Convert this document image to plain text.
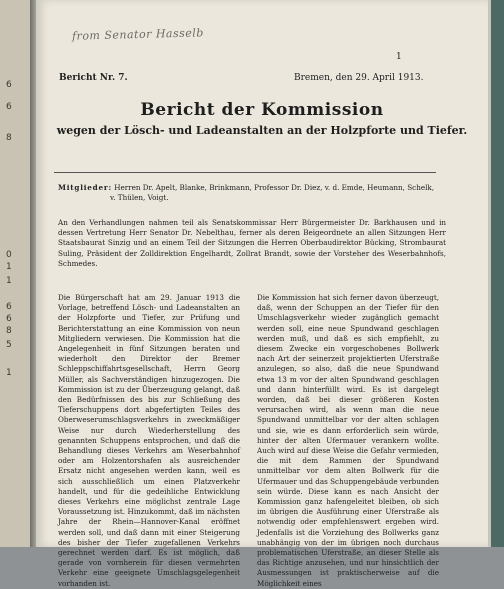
6
6
8
0
1
1
6
6
8
5
1
from Senator Hasselb
1
Bericht Nr. 7.	Bremen, den 29. April 1913.
Bericht der Kommission
wegen der Lösch- und Ladeanstalten an der Holzpforte und Tiefer.
Mitglieder: Herren Dr. Apelt, Blanke, Brinkmann, Professor Dr. Diez, v. d. Emde, Heumann, Schelk,
v. Thülen, Voigt.
An den Verhandlungen nahmen teil als Senatskommissar Herr Bürgermeister Dr. Barkhausen und in dessen Vertretung Herr Senator Dr. Nebelthau, ferner als deren Beigeordnete an allen Sitzungen Herr Staatsbaurat Sinzig und an einem Teil der Sitzungen die Herren Oberbaudirektor Bücking, Strombaurat Suling, Präsident der Zolldirektion Engelhardt, Zollrat Brandt, sowie der Vorsteher des Weserbahnhofs, Schmedes.
Die Bürgerschaft hat am 29. Januar 1913 die Vorlage, betreffend Lösch- und Ladeanstalten an der Holzpforte und Tiefer, zur Prüfung und Berichterstattung an eine Kommission von neun Mitgliedern verwiesen. Die Kommission hat die Angelegenheit in fünf Sitzungen beraten und wiederholt den Direktor der Bremer Schleppschiffahrtsgesellschaft, Herrn Georg Müller, als Sachverständigen hinzugezogen. Die Kommission ist zu der Überzeugung gelangt, daß den Bedürfnissen des bis zur Schließung des Tieferschuppens dort abgefertigten Teiles des Oberweserumschlagsverkehrs in zweckmäßiger Weise nur durch Wiederherstellung des genannten Schuppens entsprochen, und daß die Behandlung dieses Verkehrs am Weserbahnhof oder am Holzentorshafen als ausreichender Ersatz nicht angesehen werden kann, weil es sich ausschließlich um einen Platzverkehr handelt, und für die gedeihliche Entwicklung dieses Verkehrs eine möglichst zentrale Lage Voraussetzung ist. Hinzukommt, daß im nächsten Jahre der Rhein—Hannover-Kanal eröffnet werden soll, und daß dann mit einer Steigerung des bisher der Tiefer zugefallenen Verkehrs gerechnet werden darf. Es ist möglich, daß gerade von vornherein für diesen vermehrten Verkehr eine geeignete Umschlagsgelegenheit vorhanden ist.
Die Kommission hat sich ferner davon überzeugt, daß, wenn der Schuppen an der Tiefer für den Umschlagsverkehr wieder zugänglich gemacht werden soll, eine neue Spundwand geschlagen werden muß, und daß es sich empfiehlt, zu diesem Zwecke ein vorgeschobenes Bollwerk nach Art der seinerzeit projektierten Uferstraße anzulegen, so also, daß die neue Spundwand etwa 13 m vor der alten Spundwand geschlagen und dann hinterfüllt wird. Es ist dargelegt worden, daß bei dieser größeren Kosten verursachen wird, als wenn man die neue Spundwand unmittelbar vor der alten schlagen und sie, wie es dann erforderlich sein würde, hinter der alten Ufermauer verankern wollte. Auch wird auf diese Weise die Gefahr vermieden, die mit dem Rammen der Spundwand unmittelbar vor dem alten Bollwerk für die Ufermauer und das Schuppengebäude verbunden sein würde. Diese kann es nach Ansicht der Kommission ganz hafengeleitet bleiben, ob sich im übrigen die Ausführung einer Uferstraße als notwendig oder empfehlenswert ergeben wird. Jedenfalls ist die Vorziehung des Bollwerks ganz unabhängig von der im übrigen noch durchaus problematischen Uferstraße, an dieser Stelle als das Richtige anzusehen, und nur hinsichtlich der Ausmessungen ist praktischerweise auf die Möglichkeit eines
